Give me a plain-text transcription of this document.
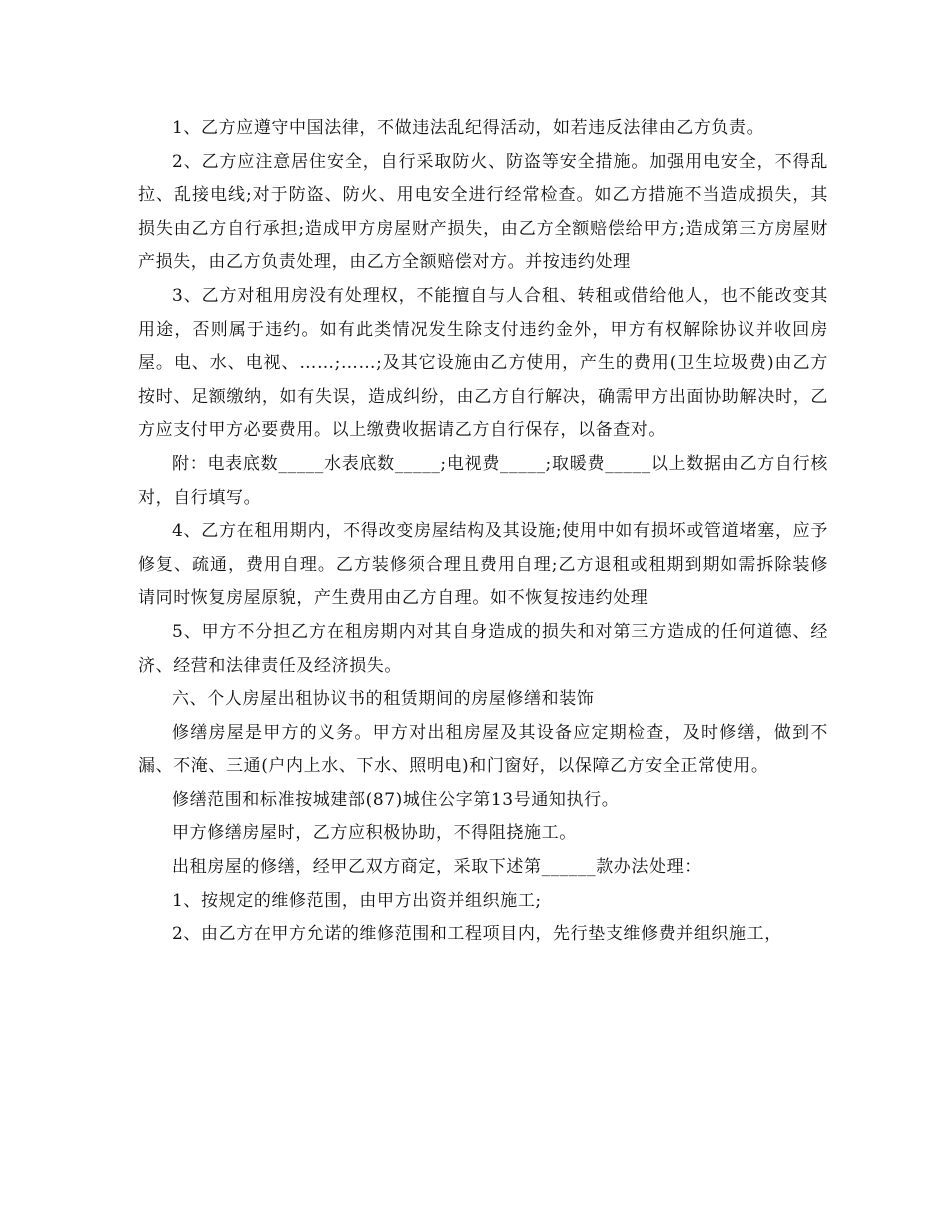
1、乙方应遵守中国法律，不做违法乱纪得活动，如若违反法律由乙方负责。

2、乙方应注意居住安全，自行采取防火、防盗等安全措施。加强用电安全，不得乱拉、乱接电线;对于防盗、防火、用电安全进行经常检查。如乙方措施不当造成损失，其损失由乙方自行承担;造成甲方房屋财产损失，由乙方全额赔偿给甲方;造成第三方房屋财产损失，由乙方负责处理，由乙方全额赔偿对方。并按违约处理

3、乙方对租用房没有处理权，不能擅自与人合租、转租或借给他人，也不能改变其用途，否则属于违约。如有此类情况发生除支付违约金外，甲方有权解除协议并收回房屋。电、水、电视、……;……;及其它设施由乙方使用，产生的费用(卫生垃圾费)由乙方按时、足额缴纳，如有失误，造成纠纷，由乙方自行解决，确需甲方出面协助解决时，乙方应支付甲方必要费用。以上缴费收据请乙方自行保存，以备查对。

附：电表底数_____水表底数_____;电视费_____;取暖费_____以上数据由乙方自行核对，自行填写。

4、乙方在租用期内，不得改变房屋结构及其设施;使用中如有损坏或管道堵塞，应予修复、疏通，费用自理。乙方装修须合理且费用自理;乙方退租或租期到期如需拆除装修请同时恢复房屋原貌，产生费用由乙方自理。如不恢复按违约处理

5、甲方不分担乙方在租房期内对其自身造成的损失和对第三方造成的任何道德、经济、经营和法律责任及经济损失。

六、个人房屋出租协议书的租赁期间的房屋修缮和装饰

修缮房屋是甲方的义务。甲方对出租房屋及其设备应定期检查，及时修缮，做到不漏、不淹、三通(户内上水、下水、照明电)和门窗好，以保障乙方安全正常使用。

修缮范围和标准按城建部(87)城住公字第13号通知执行。

甲方修缮房屋时，乙方应积极协助，不得阻挠施工。

出租房屋的修缮，经甲乙双方商定，采取下述第______款办法处理：

1、按规定的维修范围，由甲方出资并组织施工;

2、由乙方在甲方允诺的维修范围和工程项目内，先行垫支维修费并组织施工，
